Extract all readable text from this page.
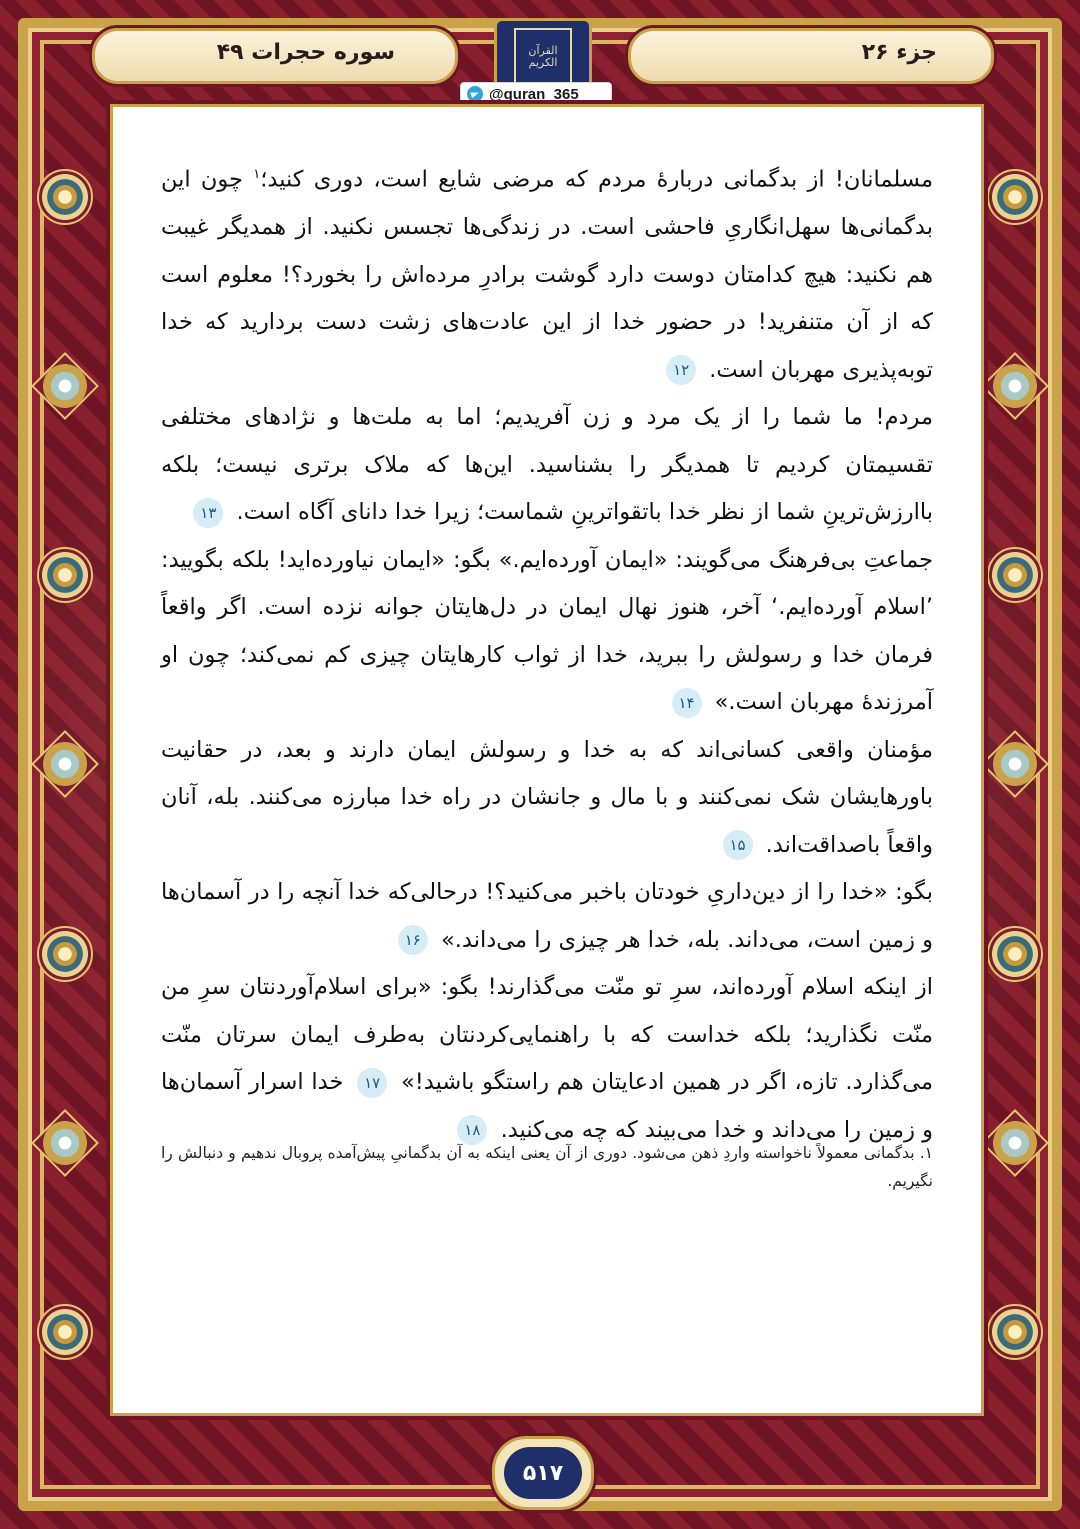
جزء ۲۶
القرآن الكريم
سوره حجرات ۴۹
@quran_365

مسلمانان! از بدگمانی دربارهٔ مردم که مرضی شایع است، دوری کنید؛$^۱$ چون این بدگمانی‌ها سهل‌انگاریِ فاحشی است. در زندگی‌ها تجسس نکنید. از همدیگر غیبت هم نکنید: هیچ کدامتان دوست دارد گوشت برادرِ مرده‌اش را بخورد؟! معلوم است که از آن متنفرید! در حضور خدا از این عادت‌های زشت دست بردارید که خدا توبه‌پذیری مهربان است. ۱۲

مردم! ما شما را از یک مرد و زن آفریدیم؛ اما به ملت‌ها و نژادهای مختلفی تقسیمتان کردیم تا همدیگر را بشناسید. این‌ها که ملاک برتری نیست؛ بلکه باارزش‌ترینِ شما از نظر خدا باتقواترینِ شماست؛ زیرا خدا دانای آگاه است. ۱۳

جماعتِ بی‌فرهنگ می‌گویند: «ایمان آورده‌ایم.» بگو: «ایمان نیاورده‌اید! بلکه بگویید: ’اسلام آورده‌ایم.‘ آخر، هنوز نهال ایمان در دل‌هایتان جوانه نزده است. اگر واقعاً فرمان خدا و رسولش را ببرید، خدا از ثواب کارهایتان چیزی کم نمی‌کند؛ چون او آمرزندهٔ مهربان است.» ۱۴

مؤمنان واقعی کسانی‌اند که به خدا و رسولش ایمان دارند و بعد، در حقانیت باورهایشان شک نمی‌کنند و با مال و جانشان در راه خدا مبارزه می‌کنند. بله، آنان واقعاً باصداقت‌اند. ۱۵

بگو: «خدا را از دین‌داریِ خودتان باخبر می‌کنید؟! درحالی‌که خدا آنچه را در آسمان‌ها و زمین است، می‌داند. بله، خدا هر چیزی را می‌داند.» ۱۶

از اینکه اسلام آورده‌اند، سرِ تو منّت می‌گذارند! بگو: «برای اسلام‌آوردنتان سرِ من منّت نگذارید؛ بلکه خداست که با راهنمایی‌کردنتان به‌طرف ایمان سرتان منّت می‌گذارد. تازه، اگر در همین ادعایتان هم راستگو باشید!» ۱۷ خدا اسرار آسمان‌ها و زمین را می‌داند و خدا می‌بیند که چه می‌کنید. ۱۸

۱. بدگمانی معمولاً ناخواسته واردِ ذهن می‌شود. دوری از آن یعنی اینکه به آن بدگمانیِ پیش‌آمده پروبال ندهیم و دنبالش را نگیریم.
۵۱۷
